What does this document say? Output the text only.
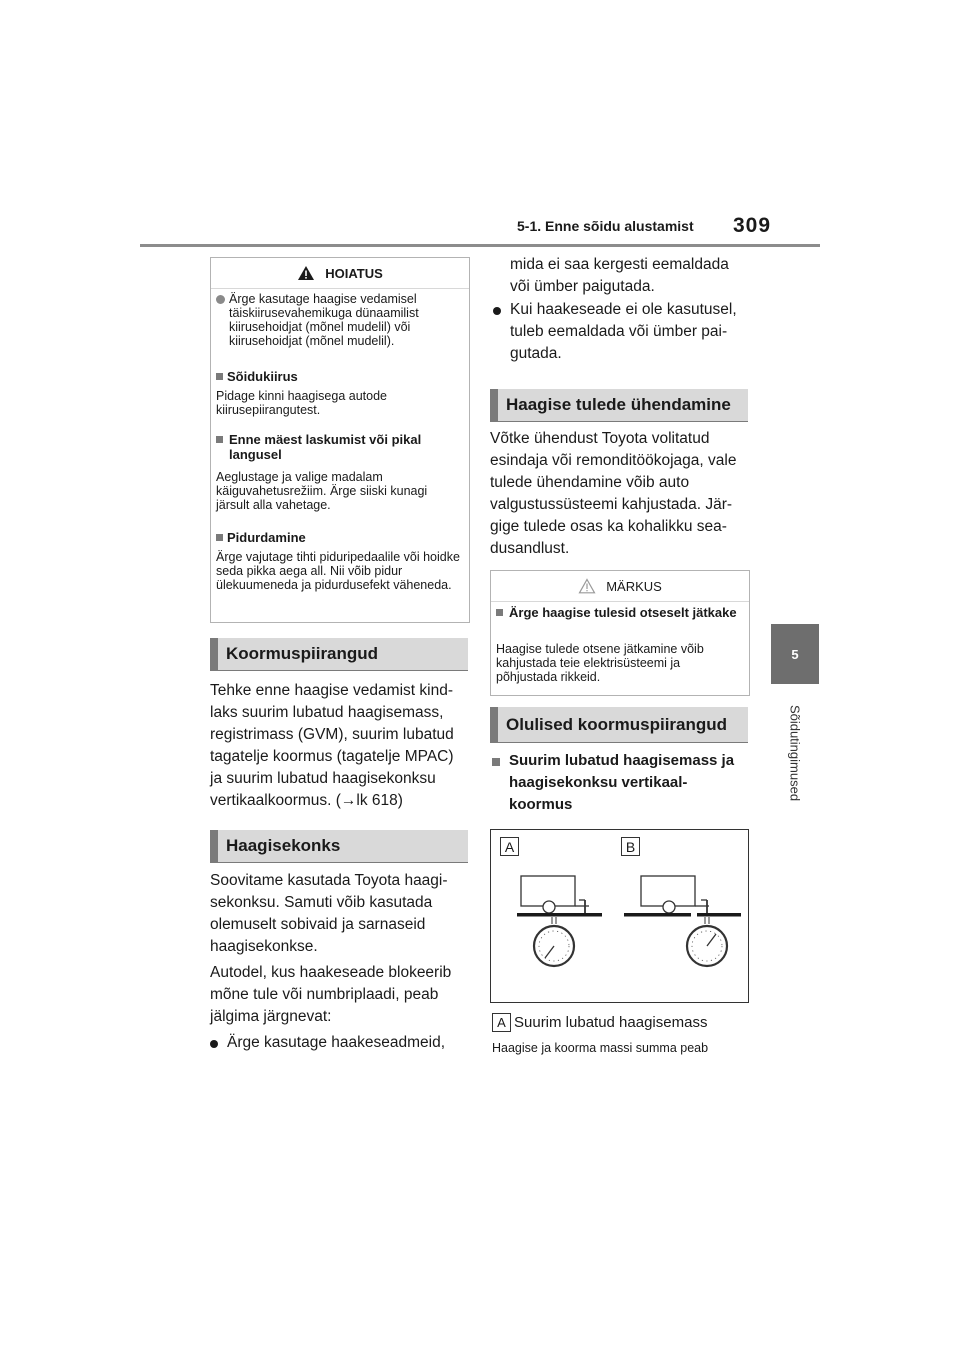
5-1. Enne sõidu alustamist 309
5
Sõidutingimused
HOIATUS
Ärge kasutage haagise vedamisel täiskiirusevahemikuga dünaamilist kiirusehoidjat (mõnel mudelil) või kiirusehoidjat (mõnel mudelil).
Sõidukiirus
Pidage kinni haagisega autode kiirusepiirangutest.
Enne mäest laskumist või pikal langusel
Aeglustage ja valige madalam käiguvahetusrežiim. Ärge siiski kunagi järsult alla vahetage.
Pidurdamine
Ärge vajutage tihti piduripedaalile või hoidke seda pikka aega all. Nii võib pidur ülekuumeneda ja pidurdusefekt väheneda.
Koormuspiirangud
Tehke enne haagise vedamist kind- laks suurim lubatud haagisemass, registrimass (GVM), suurim lubatud tagatelje koormus (tagatelje MPAC) ja suurim lubatud haagisekonksu vertikaalkoormus. (→lk 618)
Haagisekonks
Soovitame kasutada Toyota haagi- sekonksu. Samuti võib kasutada olemuselt sobivaid ja sarnaseid haagisekonkse.
Autodel, kus haakeseade blokeerib mõne tule või numbriplaadi, peab jälgima järgnevat:
Ärge kasutage haakeseadmeid,
mida ei saa kergesti eemaldada või ümber paigutada.
Kui haakeseade ei ole kasutusel, tuleb eemaldada või ümber pai- gutada.
Haagise tulede ühendamine
Võtke ühendust Toyota volitatud esindaja või remonditöökojaga, vale tulede ühendamine võib auto valgustussüsteemi kahjustada. Jär- gige tulede osas ka kohalikku sea- dusandlust.
MÄRKUS
Ärge haagise tulesid otseselt jätkake
Haagise tulede otsene jätkamine võib kahjustada teie elektrisüsteemi ja põhjustada rikkeid.
Olulised koormuspiirangud
Suurim lubatud haagisemass ja haagisekonksu vertikaal- koormus
A	B
A Suurim lubatud haagisemass
Haagise ja koorma massi summa peab
